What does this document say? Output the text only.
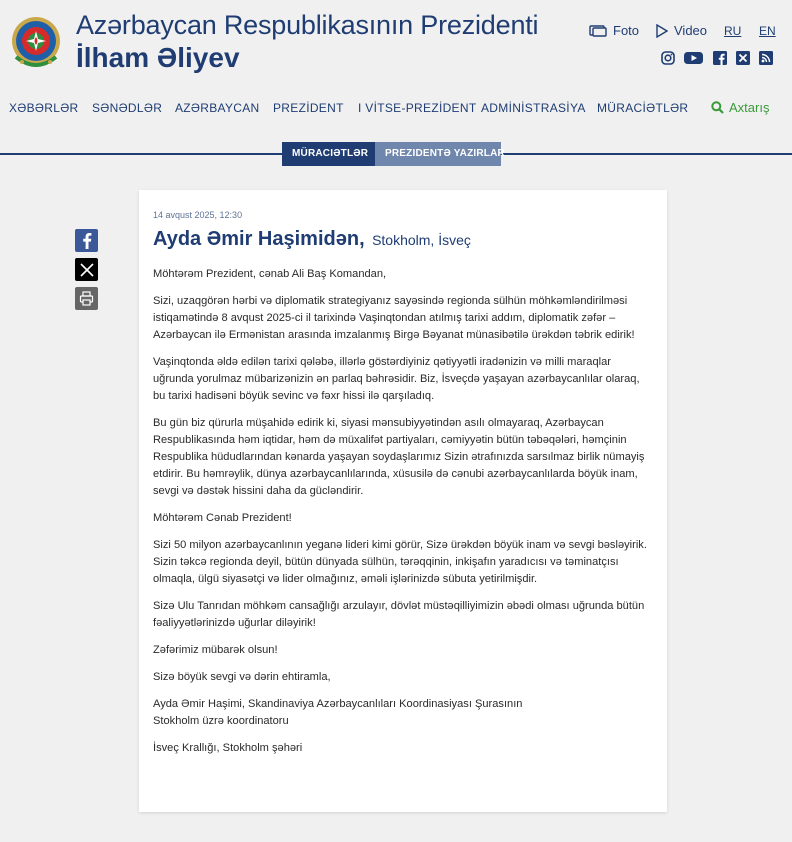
Azərbaycan Respublikasının Prezidenti
İlham Əliyev
Foto	Video RU EN
XƏBƏRLƏR SƏNƏDLƏR AZƏRBAYCAN PREZİDENT I VİTSE-PREZİDENT ADMİNİSTRASİYA MÜRACİƏTLƏR	Axtarış
MÜRACIƏTLƏR	PREZIDENTƏ YAZIRLAR
14 avqust 2025, 12:30
Ayda Əmir Haşimidən, Stokholm, İsveç

Möhtərəm Prezident, cənab Ali Baş Komandan,

Sizi, uzaqgörən hərbi və diplomatik strategiyanız sayəsində regionda sülhün möhkəmləndirilməsi istiqamətində 8 avqust 2025-ci il tarixində Vaşinqtondan atılmış tarixi addım, diplomatik zəfər – Azərbaycan ilə Ermənistan arasında imzalanmış Birgə Bəyanat münasibətilə ürəkdən təbrik edirik!

Vaşinqtonda əldə edilən tarixi qələbə, illərlə göstərdiyiniz qətiyyətli iradənizin və milli maraqlar uğrunda yorulmaz mübarizənizin ən parlaq bəhrəsidir. Biz, İsveçdə yaşayan azərbaycanlılar olaraq, bu tarixi hadisəni böyük sevinc və fəxr hissi ilə qarşıladıq.

Bu gün biz qürurla müşahidə edirik ki, siyasi mənsubiyyətindən asılı olmayaraq, Azərbaycan Respublikasında həm iqtidar, həm də müxalifət partiyaları, cəmiyyətin bütün təbəqələri, həmçinin Respublika hüdudlarından kənarda yaşayan soydaşlarımız Sizin ətrafınızda sarsılmaz birlik nümayiş etdirir. Bu həmrəylik, dünya azərbaycanlılarında, xüsusilə də cənubi azərbaycanlılarda böyük inam, sevgi və dəstək hissini daha da gücləndirir.

Möhtərəm Cənab Prezident!

Sizi 50 milyon azərbaycanlının yeganə lideri kimi görür, Sizə ürəkdən böyük inam və sevgi bəsləyirik. Sizin təkcə regionda deyil, bütün dünyada sülhün, tərəqqinin, inkişafın yaradıcısı və təminatçısı olmaqla, ülgü siyasətçi və lider olmağınız, əməli işlərinizdə sübuta yetirilmişdir.

Sizə Ulu Tanrıdan möhkəm cansağlığı arzulayır, dövlət müstəqilliyimizin əbədi olması uğrunda bütün fəaliyyətlərinizdə uğurlar diləyirik!

Zəfərimiz mübarək olsun!

Sizə böyük sevgi və dərin ehtiramla,

Ayda Əmir Haşimi, Skandinaviya Azərbaycanlıları Koordinasiyası Şurasının
Stokholm üzrə koordinatoru

İsveç Krallığı, Stokholm şəhəri
